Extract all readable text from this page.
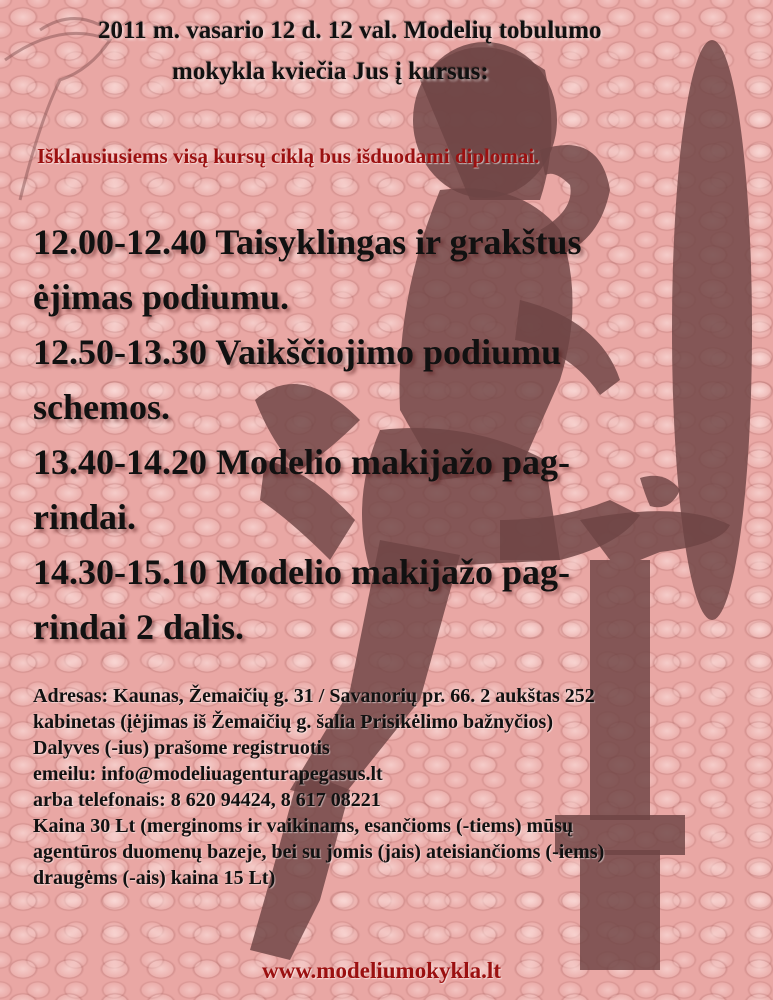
2011 m. vasario 12 d. 12 val. Modelių tobulumo
mokykla kviečia Jus į kursus:
Išklausiusiems visą kursų ciklą bus išduodami diplomai.
12.00-12.40 Taisyklingas ir grakštus
ėjimas podiumu.
12.50-13.30 Vaikščiojimo podiumu
schemos.
13.40-14.20 Modelio makijažo pag-
rindai.
14.30-15.10 Modelio makijažo pag-
rindai 2 dalis.
Adresas: Kaunas, Žemaičių g. 31 / Savanorių pr. 66. 2 aukštas 252
kabinetas (įėjimas iš Žemaičių g. šalia Prisikėlimo bažnyčios)
Dalyves (-ius) prašome registruotis
emeilu: info@modeliuagenturapegasus.lt
arba telefonais: 8 620 94424, 8 617 08221
Kaina 30 Lt (merginoms ir vaikinams, esančioms (-tiems) mūsų
agentūros duomenų bazeje, bei su jomis (jais) ateisiančioms (-iems)
draugėms (-ais) kaina 15 Lt)
www.modeliumokykla.lt
